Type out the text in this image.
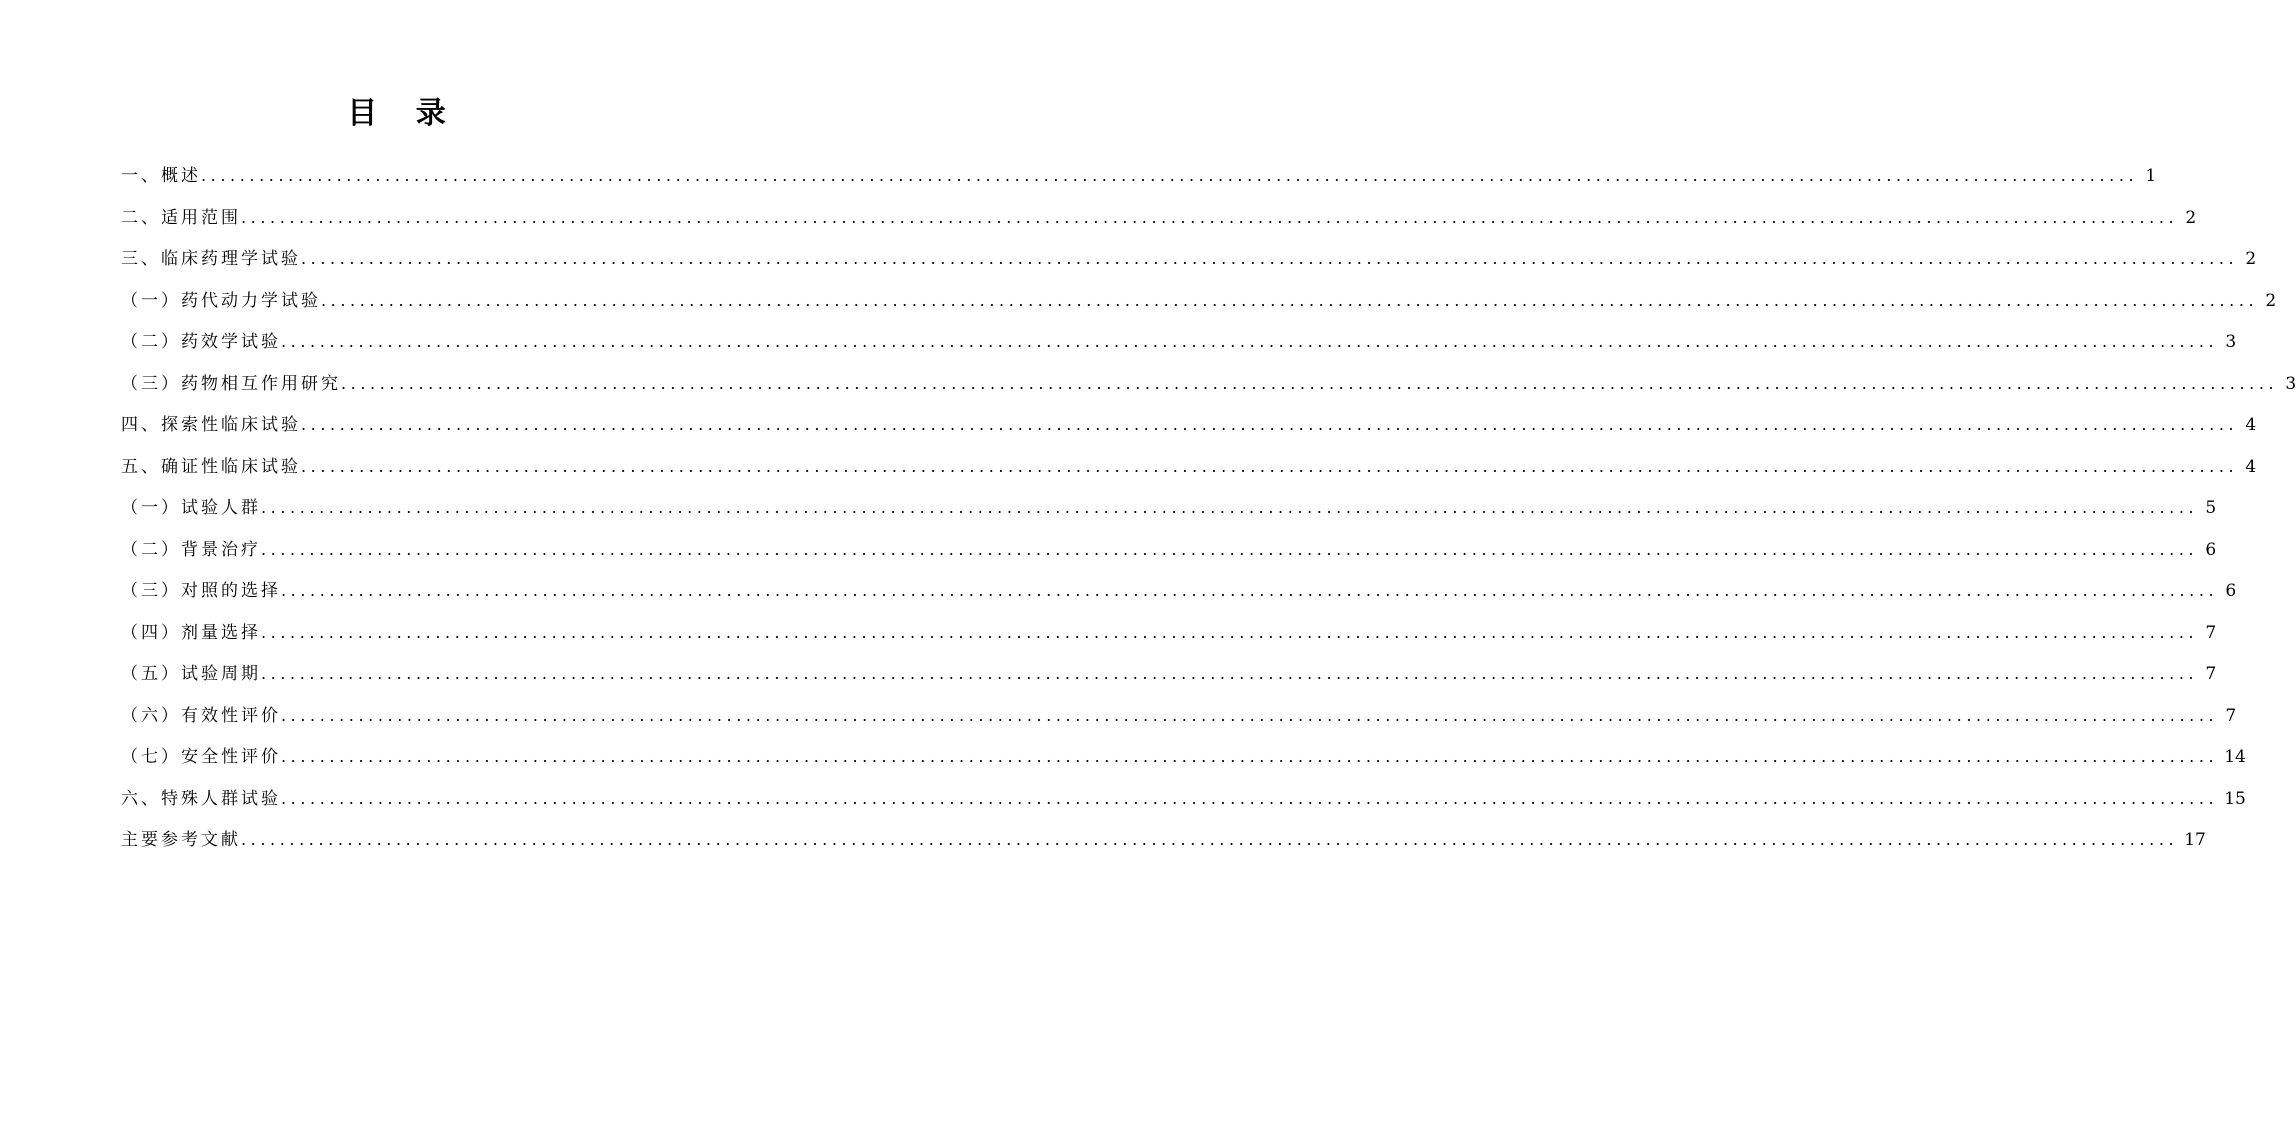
目 录
一、概述 ........................................................................................................................................................................................................ 1
二、适用范围 ........................................................................................................................................................................................................ 2
三、临床药理学试验 ........................................................................................................................................................................................................ 2
（一）药代动力学试验 ........................................................................................................................................................................................................ 2
（二）药效学试验 ........................................................................................................................................................................................................ 3
（三）药物相互作用研究 ........................................................................................................................................................................................................ 3
四、探索性临床试验 ........................................................................................................................................................................................................ 4
五、确证性临床试验 ........................................................................................................................................................................................................ 4
（一）试验人群 ........................................................................................................................................................................................................ 5
（二）背景治疗 ........................................................................................................................................................................................................ 6
（三）对照的选择 ........................................................................................................................................................................................................ 6
（四）剂量选择 ........................................................................................................................................................................................................ 7
（五）试验周期 ........................................................................................................................................................................................................ 7
（六）有效性评价 ........................................................................................................................................................................................................ 7
（七）安全性评价 ........................................................................................................................................................................................................ 14
六、特殊人群试验 ........................................................................................................................................................................................................ 15
主要参考文献 ........................................................................................................................................................................................................ 17
